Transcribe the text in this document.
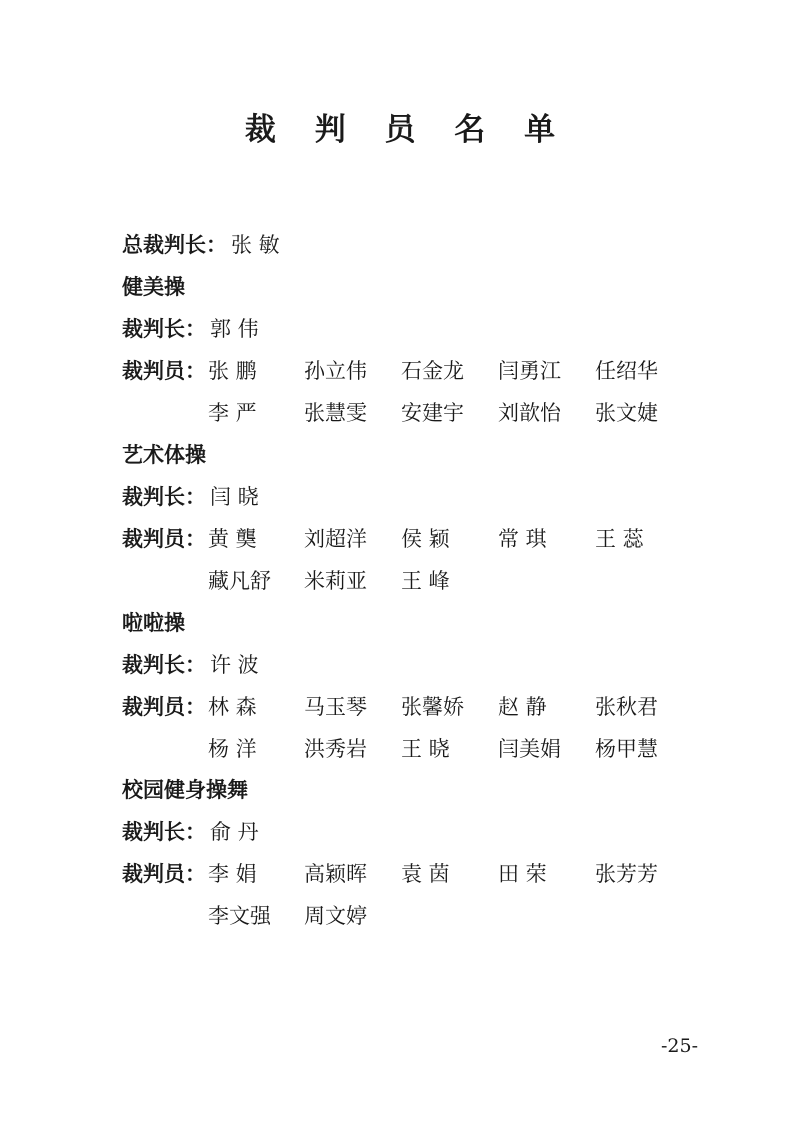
裁 判 员 名 单
总裁判长： 张 敏
健美操
裁判长： 郭 伟
裁判员： 张 鹏 孙立伟 石金龙 闫勇江 任绍华
李 严 张慧雯 安建宇 刘歆怡 张文婕
艺术体操
裁判长： 闫 晓
裁判员： 黄 龑 刘超洋 侯 颖 常 琪 王 蕊
藏凡舒 米莉亚 王 峰
啦啦操
裁判长： 许 波
裁判员： 林 森 马玉琴 张馨娇 赵 静 张秋君
杨 洋 洪秀岩 王 晓 闫美娟 杨甲慧
校园健身操舞
裁判长： 俞 丹
裁判员： 李 娟 高颖晖 袁 茵 田 荣 张芳芳
李文强 周文婷
-25-
